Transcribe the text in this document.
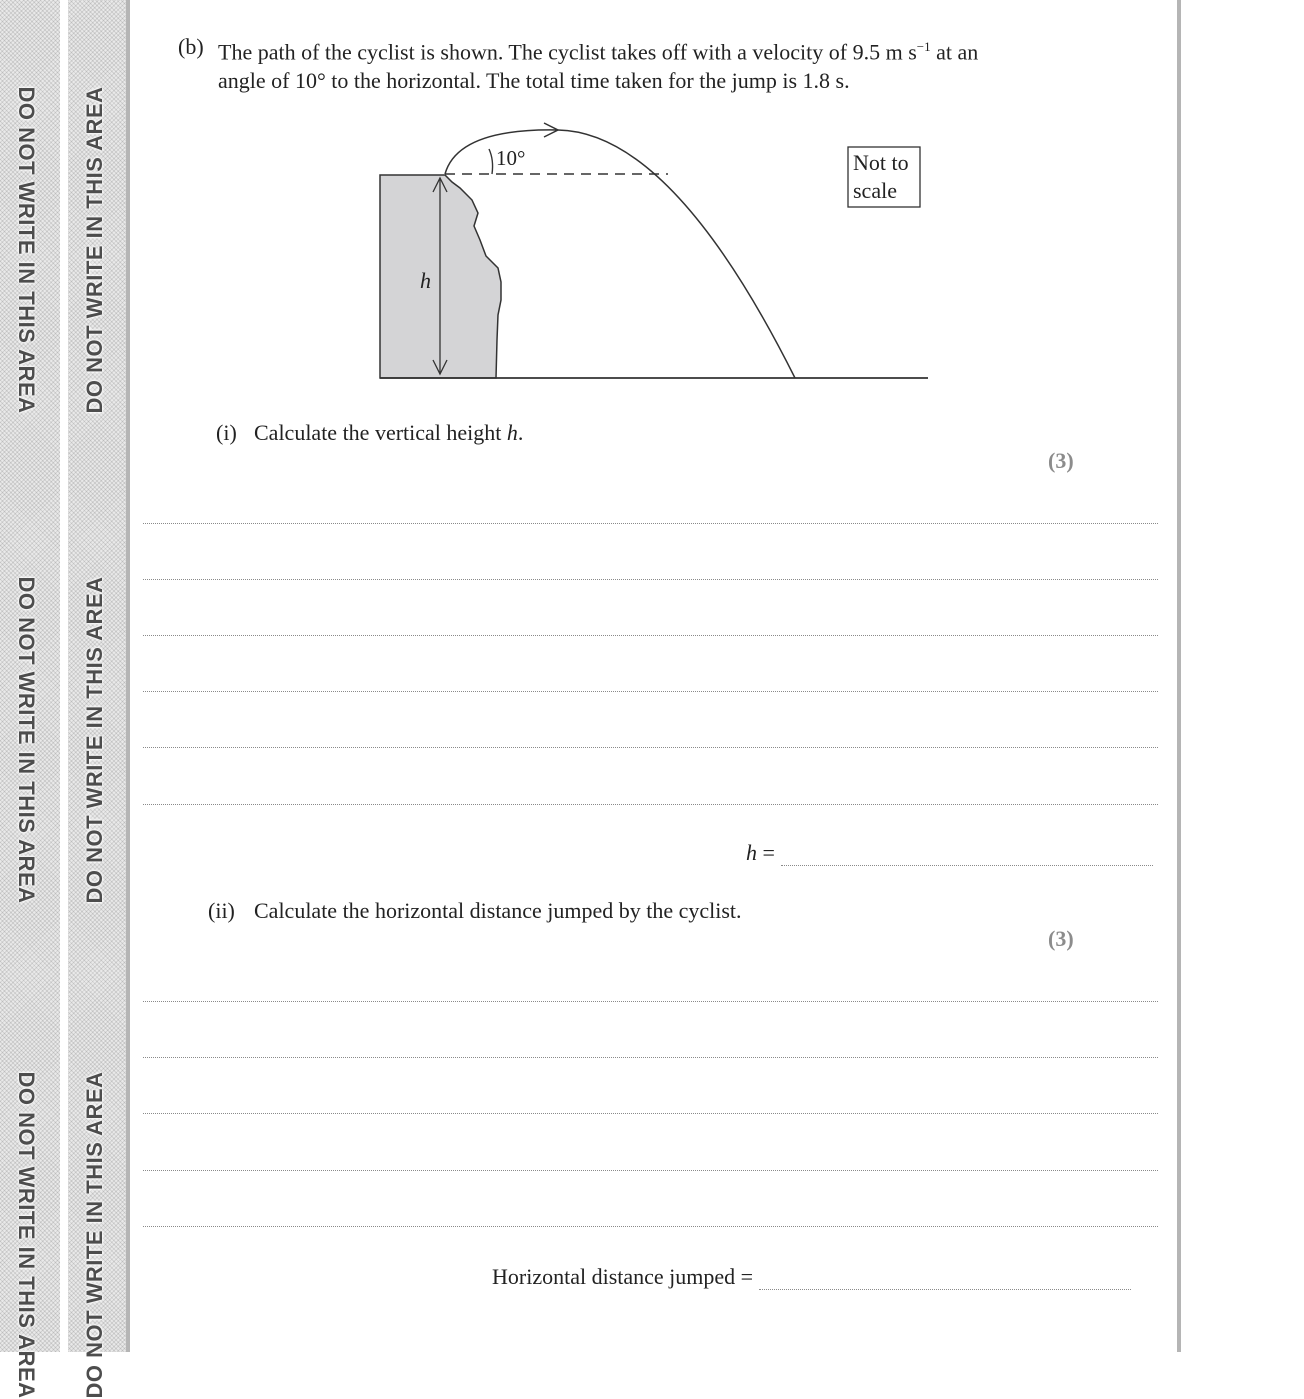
DO NOT WRITE IN THIS AREA
DO NOT WRITE IN THIS AREA
DO NOT WRITE IN THIS AREA
DO NOT WRITE IN THIS AREA
DO NOT WRITE IN THIS AREA
DO NOT WRITE IN THIS AREA
(b) The path of the cyclist is shown. The cyclist takes off with a velocity of 9.5 m $s^{-1}$ at an
angle of 10° to the horizontal. The total time taken for the jump is 1.8 s.
10°
h
Not to
scale
(i) Calculate the vertical height h.
(3)
h =
(ii) Calculate the horizontal distance jumped by the cyclist.
(3)
Horizontal distance jumped =
